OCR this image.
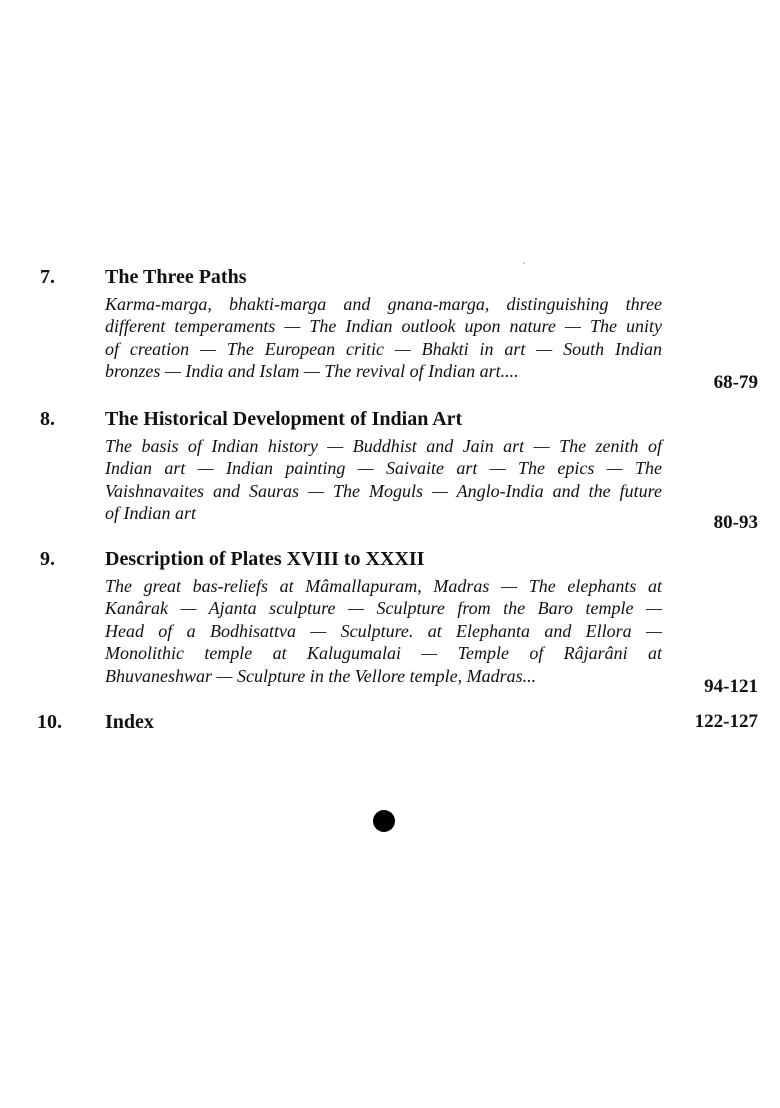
7.	The Three Paths
Karma-marga, bhakti-marga and gnana-marga, distinguishing three
different temperaments — The Indian outlook upon nature — The unity
of creation — The European critic — Bhakti in art — South Indian
bronzes — India and Islam — The revival of Indian art....
68-79
8.	The Historical Development of Indian Art
The basis of Indian history — Buddhist and Jain art — The zenith of
Indian art — Indian painting — Saivaite art — The epics — The
Vaishnavaites and Sauras — The Moguls — Anglo-India and the future
of Indian art	80-93
9.	Description of Plates XVIII to XXXII
The great bas-reliefs at Mâmallapuram, Madras — The elephants at
Kanârak — Ajanta sculpture — Sculpture from the Baro temple —
Head of a Bodhisattva — Sculpture. at Elephanta and Ellora —
Monolithic temple at Kalugumalai — Temple of Râjarâni at
Bhuvaneshwar — Sculpture in the Vellore temple, Madras...
94-121
10. Index	122-127
